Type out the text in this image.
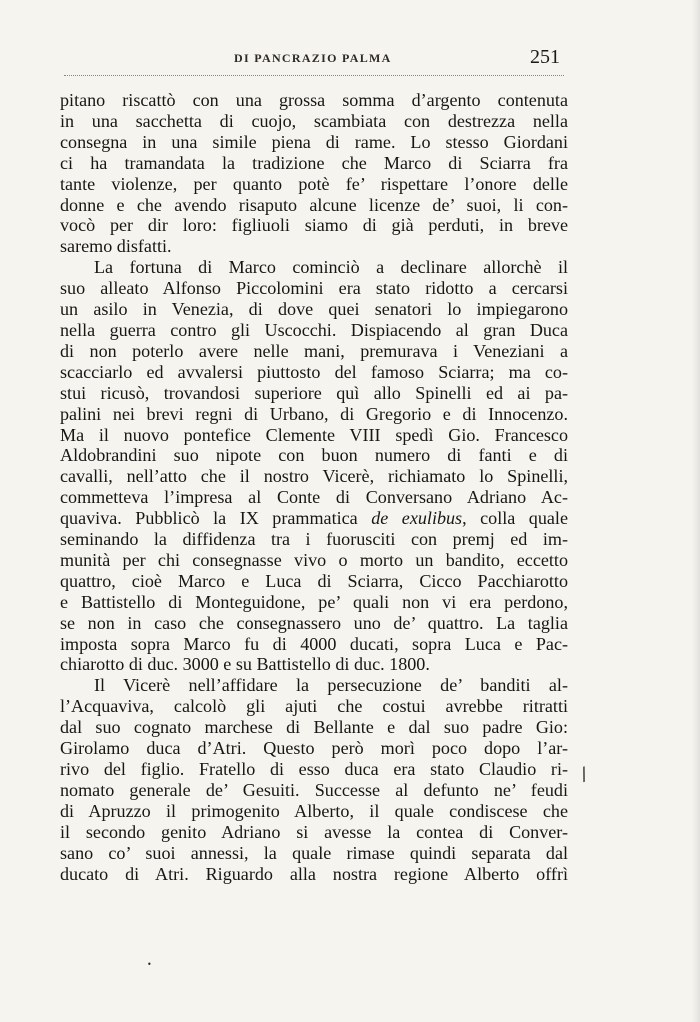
DI PANCRAZIO PALMA	251
pitano riscattò con una grossa somma d’argento contenuta
in una sacchetta di cuojo, scambiata con destrezza nella
consegna in una simile piena di rame. Lo stesso Giordani
ci ha tramandata la tradizione che Marco di Sciarra fra
tante violenze, per quanto potè fe’ rispettare l’onore delle
donne e che avendo risaputo alcune licenze de’ suoi, li con-
vocò per dir loro: figliuoli siamo di già perduti, in breve
saremo disfatti.
La fortuna di Marco cominciò a declinare allorchè il
suo alleato Alfonso Piccolomini era stato ridotto a cercarsi
un asilo in Venezia, di dove quei senatori lo impiegarono
nella guerra contro gli Uscocchi. Dispiacendo al gran Duca
di non poterlo avere nelle mani, premurava i Veneziani a
scacciarlo ed avvalersi piuttosto del famoso Sciarra; ma co-
stui ricusò, trovandosi superiore quì allo Spinelli ed ai pa-
palini nei brevi regni di Urbano, di Gregorio e di Innocenzo.
Ma il nuovo pontefice Clemente VIII spedì Gio. Francesco
Aldobrandini suo nipote con buon numero di fanti e di
cavalli, nell’atto che il nostro Vicerè, richiamato lo Spinelli,
commetteva l’impresa al Conte di Conversano Adriano Ac-
quaviva. Pubblicò la IX prammatica de exulibus, colla quale
seminando la diffidenza tra i fuorusciti con premj ed im-
munità per chi consegnasse vivo o morto un bandito, eccetto
quattro, cioè Marco e Luca di Sciarra, Cicco Pacchiarotto
e Battistello di Monteguidone, pe’ quali non vi era perdono,
se non in caso che consegnassero uno de’ quattro. La taglia
imposta sopra Marco fu di 4000 ducati, sopra Luca e Pac-
chiarotto di duc. 3000 e su Battistello di duc. 1800.
Il Vicerè nell’affidare la persecuzione de’ banditi al-
l’Acquaviva, calcolò gli ajuti che costui avrebbe ritratti
dal suo cognato marchese di Bellante e dal suo padre Gio:
Girolamo duca d’Atri. Questo però morì poco dopo l’ar-
rivo del figlio. Fratello di esso duca era stato Claudio ri-
nomato generale de’ Gesuiti. Successe al defunto ne’ feudi
di Apruzzo il primogenito Alberto, il quale condiscese che
il secondo genito Adriano si avesse la contea di Conver-
sano co’ suoi annessi, la quale rimase quindi separata dal
ducato di Atri. Riguardo alla nostra regione Alberto offrì
/
•
